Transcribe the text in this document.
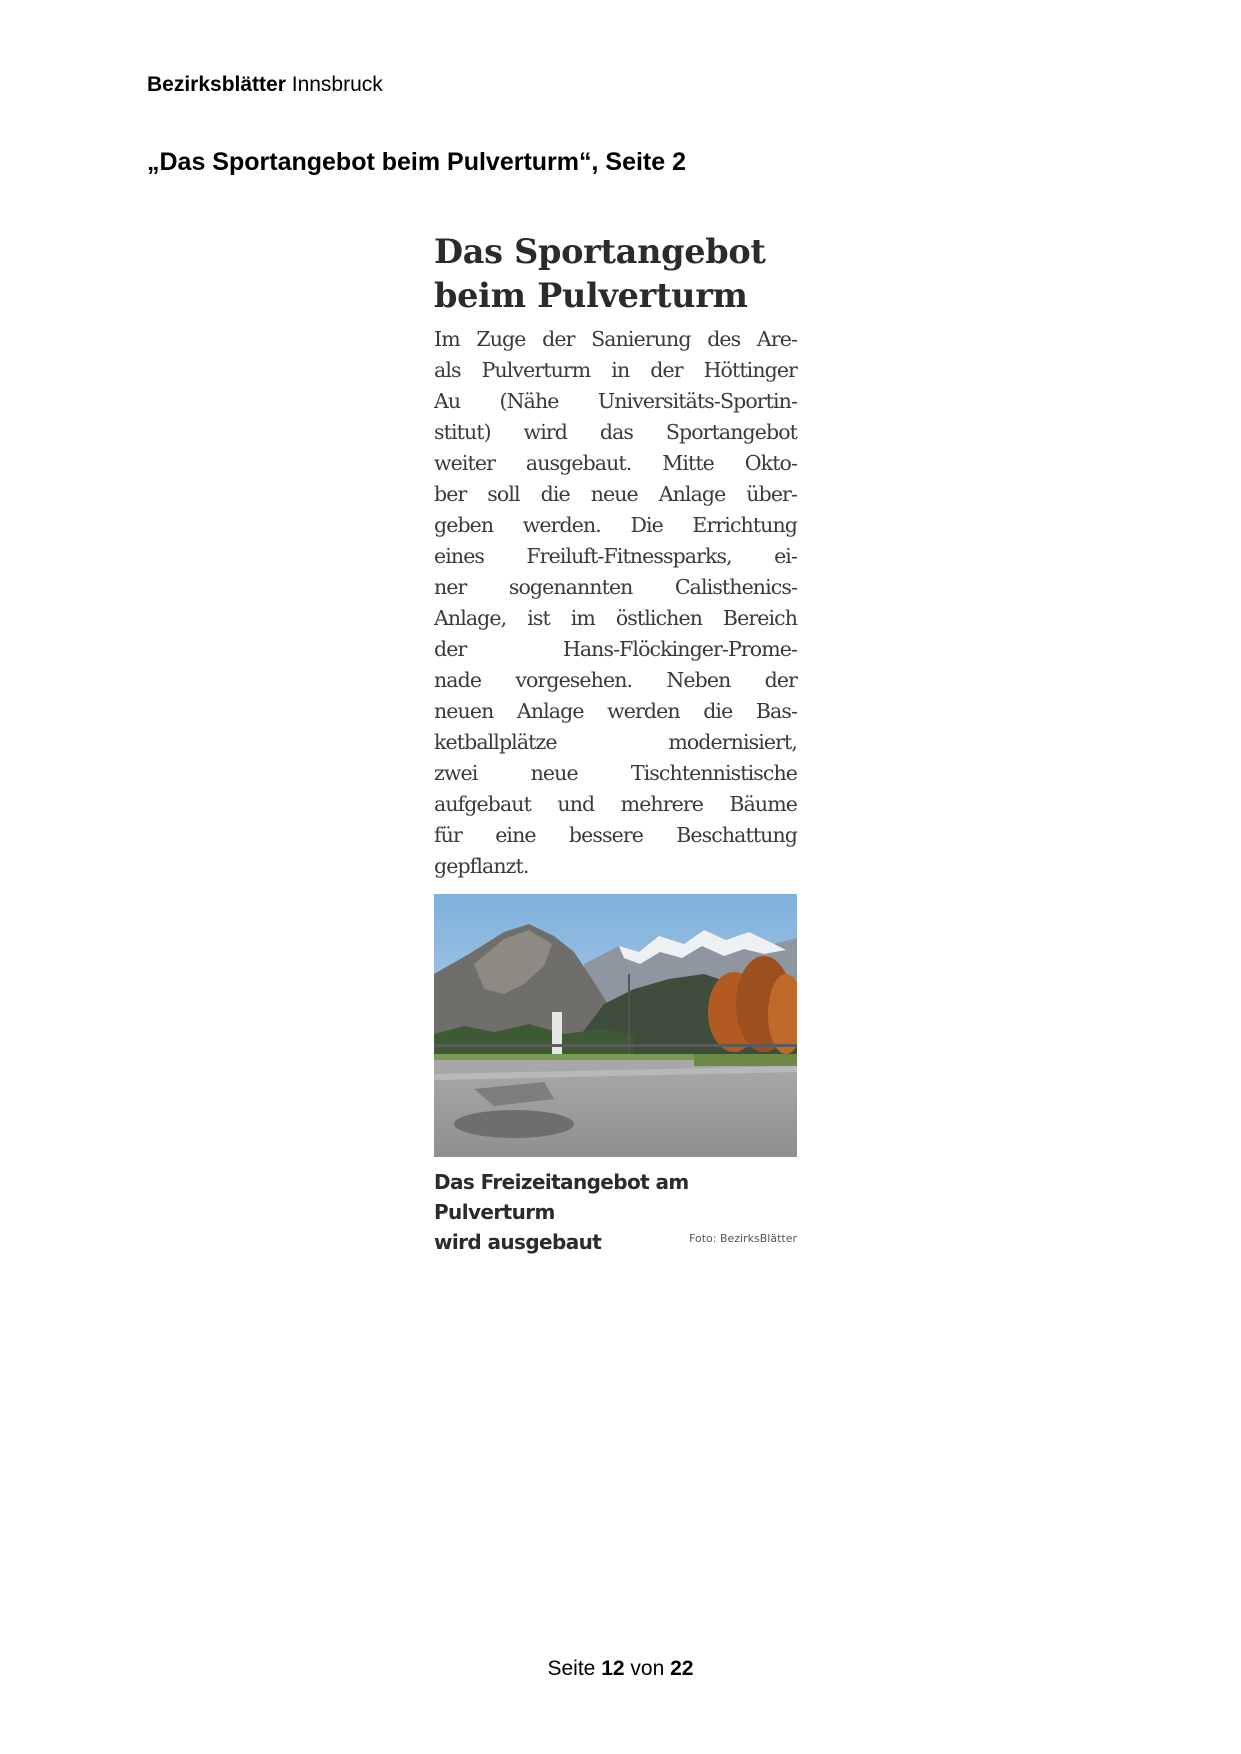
Bezirksblätter Innsbruck
„Das Sportangebot beim Pulverturm“, Seite 2
Das Sportangebot
beim Pulverturm
Im Zuge der Sanierung des Are-
als Pulverturm in der Höttinger
Au (Nähe Universitäts-Sportin-
stitut) wird das Sportangebot
weiter ausgebaut. Mitte Okto-
ber soll die neue Anlage über-
geben werden. Die Errichtung
eines Freiluft-Fitnessparks, ei-
ner sogenannten Calisthenics-
Anlage, ist im östlichen Bereich
der Hans-Flöckinger-Prome-
nade vorgesehen. Neben der
neuen Anlage werden die Bas-
ketballplätze modernisiert,
zwei neue Tischtennistische
aufgebaut und mehrere Bäume
für eine bessere Beschattung
gepflanzt.
Das Freizeitangebot am Pulverturm
wird ausgebaut	Foto: BezirksBlätter
Seite 12 von 22
